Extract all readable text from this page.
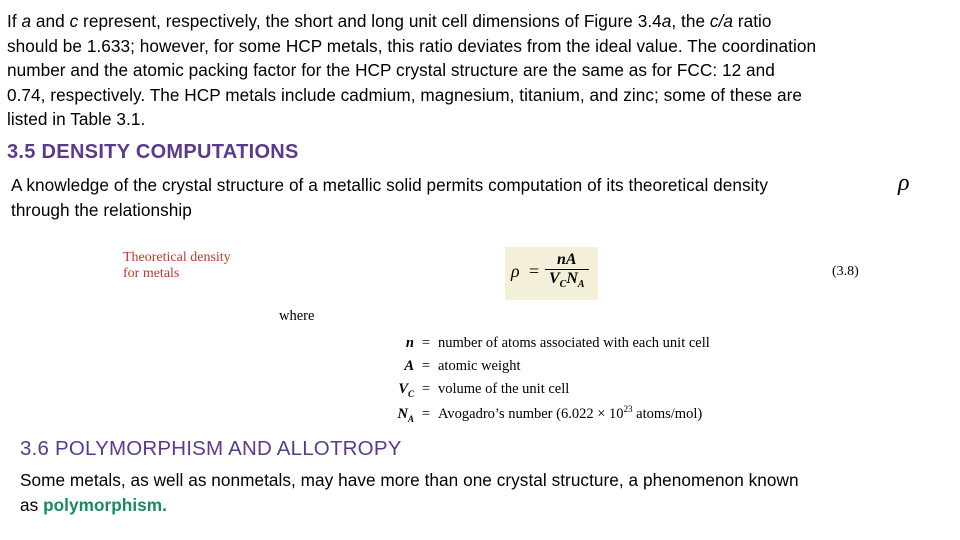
If a and c represent, respectively, the short and long unit cell dimensions of Figure 3.4a, the c/a ratio
should be 1.633; however, for some HCP metals, this ratio deviates from the ideal value. The coordination
number and the atomic packing factor for the HCP crystal structure are the same as for FCC: 12 and
0.74, respectively. The HCP metals include cadmium, magnesium, titanium, and zinc; some of these are
listed in Table 3.1.
3.5 DENSITY COMPUTATIONS
A knowledge of the crystal structure of a metallic solid permits computation of its theoretical density
through the relationship
ρ
Theoretical density
for metals	ρ =
nA
$V_CN_A$
(3.8)
where
n = number of atoms associated with each unit cell
A = atomic weight
$V_C$ = volume of the unit cell
$N_A$ = Avogadro’s number ($6.022 \times 10^{23}$ atoms/mol)
3.6 POLYMORPHISM AND ALLOTROPY
Some metals, as well as nonmetals, may have more than one crystal structure, a phenomenon known
as polymorphism.
